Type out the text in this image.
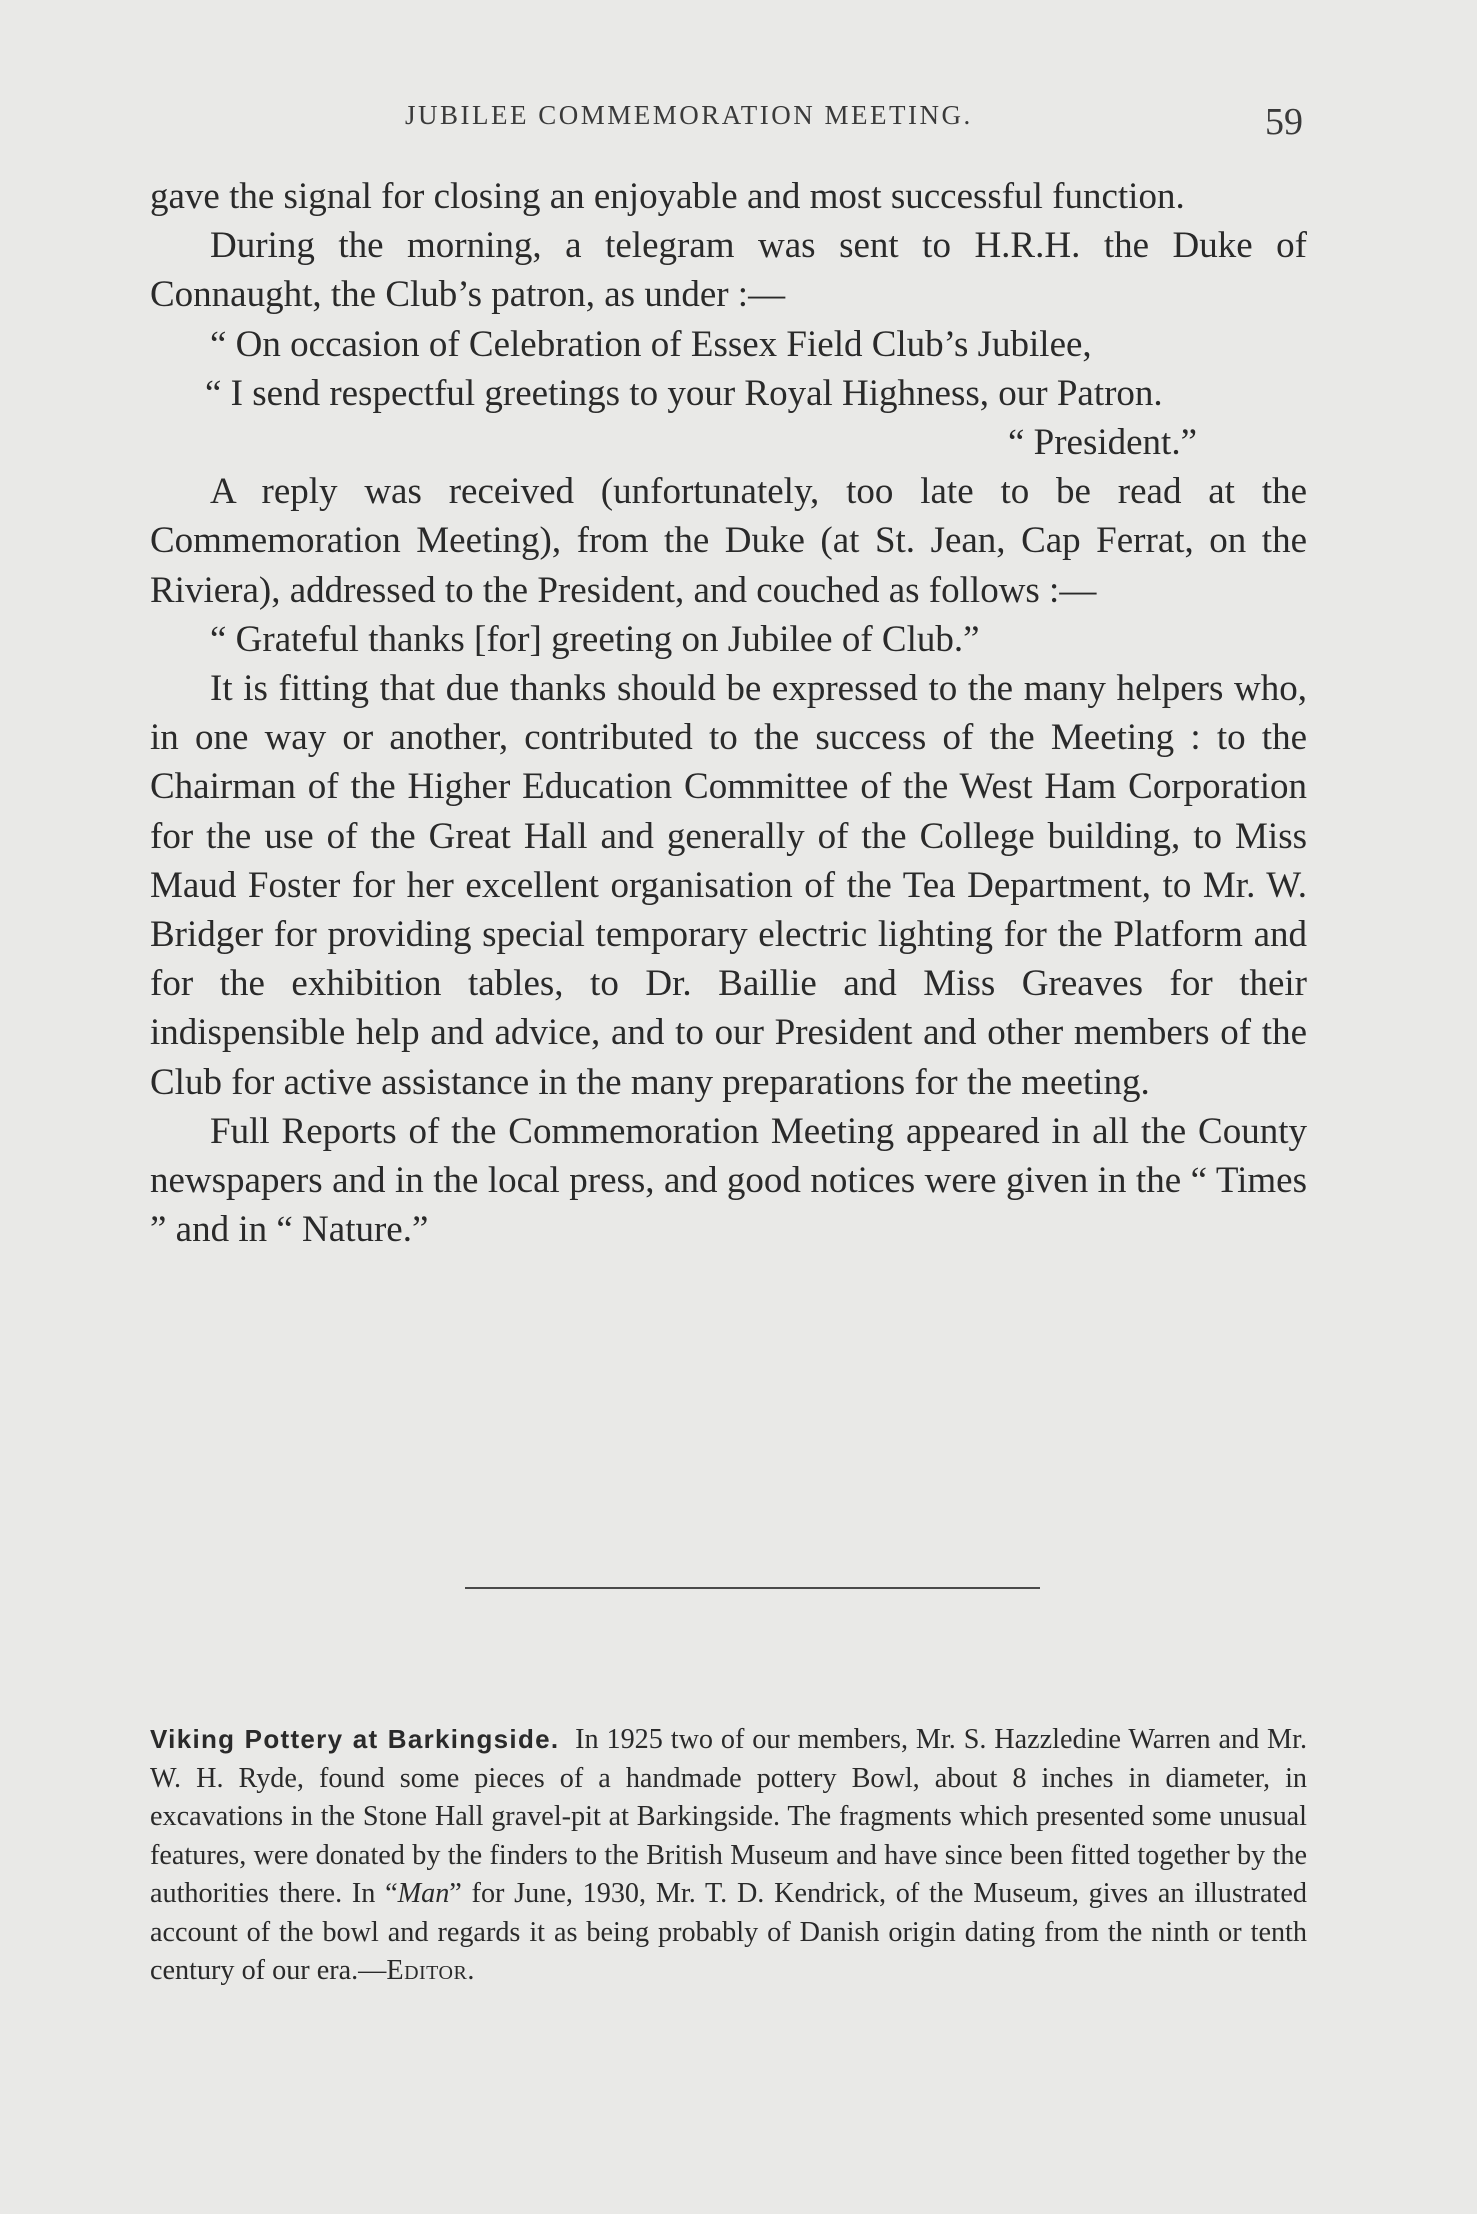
JUBILEE COMMEMORATION MEETING.	59

gave the signal for closing an enjoyable and most successful function.

During the morning, a telegram was sent to H.R.H. the Duke of Connaught, the Club’s patron, as under :—

“ On occasion of Celebration of Essex Field Club’s Jubilee,

“ I send respectful greetings to your Royal Highness, our Patron.

“ President.”

A reply was received (unfortunately, too late to be read at the Commemoration Meeting), from the Duke (at St. Jean, Cap Ferrat, on the Riviera), addressed to the President, and couched as follows :—

“ Grateful thanks [for] greeting on Jubilee of Club.”

It is fitting that due thanks should be expressed to the many helpers who, in one way or another, contributed to the success of the Meeting : to the Chairman of the Higher Education Committee of the West Ham Corporation for the use of the Great Hall and generally of the College building, to Miss Maud Foster for her excellent organisation of the Tea Department, to Mr. W. Bridger for providing special temporary electric lighting for the Platform and for the exhibition tables, to Dr. Baillie and Miss Greaves for their indispensible help and advice, and to our President and other members of the Club for active assistance in the many preparations for the meeting.

Full Reports of the Commemoration Meeting appeared in all the County newspapers and in the local press, and good notices were given in the “ Times ” and in “ Nature.”

Viking Pottery at Barkingside. In 1925 two of our members, Mr. S. Hazzledine Warren and Mr. W. H. Ryde, found some pieces of a handmade pottery Bowl, about 8 inches in diameter, in excavations in the Stone Hall gravel-pit at Barkingside. The fragments which presented some unusual features, were donated by the finders to the British Museum and have since been fitted together by the authorities there. In “Man” for June, 1930, Mr. T. D. Kendrick, of the Museum, gives an illustrated account of the bowl and regards it as being probably of Danish origin dating from the ninth or tenth century of our era.—Editor.
